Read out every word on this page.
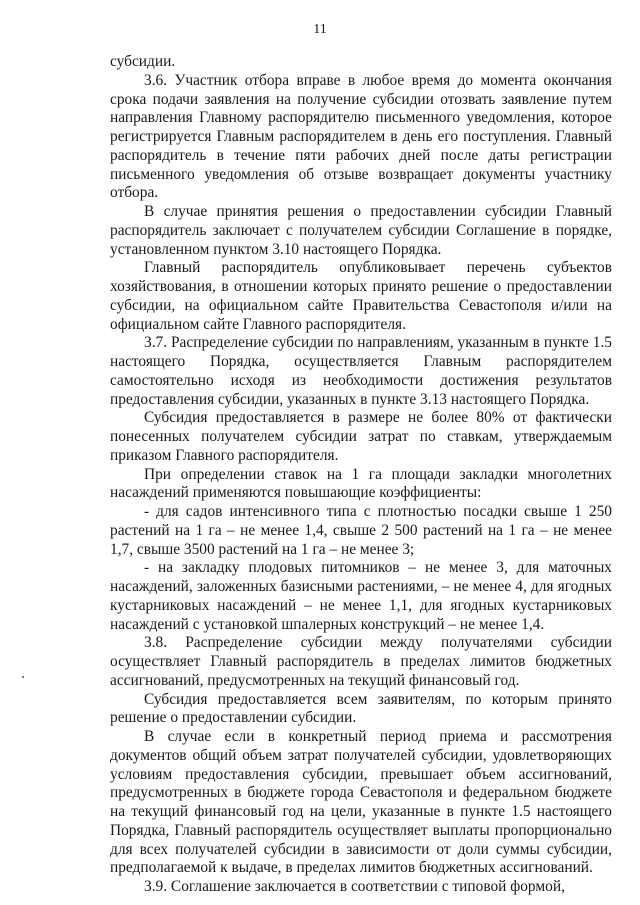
11

субсидии.

3.6. Участник отбора вправе в любое время до момента окончания срока подачи заявления на получение субсидии отозвать заявление путем направления Главному распорядителю письменного уведомления, которое регистрируется Главным распорядителем в день его поступления. Главный распорядитель в течение пяти рабочих дней после даты регистрации письменного уведомления об отзыве возвращает документы участнику отбора.

В случае принятия решения о предоставлении субсидии Главный распорядитель заключает с получателем субсидии Соглашение в порядке, установленном пунктом 3.10 настоящего Порядка.

Главный распорядитель опубликовывает перечень субъектов хозяйствования, в отношении которых принято решение о предоставлении субсидии, на официальном сайте Правительства Севастополя и/или на официальном сайте Главного распорядителя.

3.7. Распределение субсидии по направлениям, указанным в пункте 1.5 настоящего Порядка, осуществляется Главным распорядителем самостоятельно исходя из необходимости достижения результатов предоставления субсидии, указанных в пункте 3.13 настоящего Порядка.

Субсидия предоставляется в размере не более 80% от фактически понесенных получателем субсидии затрат по ставкам, утверждаемым приказом Главного распорядителя.

При определении ставок на 1 га площади закладки многолетних насаждений применяются повышающие коэффициенты:

- для садов интенсивного типа с плотностью посадки свыше 1 250 растений на 1 га – не менее 1,4, свыше 2 500 растений на 1 га – не менее 1,7, свыше 3500 растений на 1 га – не менее 3;

- на закладку плодовых питомников – не менее 3, для маточных насаждений, заложенных базисными растениями, – не менее 4, для ягодных кустарниковых насаждений – не менее 1,1, для ягодных кустарниковых насаждений с установкой шпалерных конструкций – не менее 1,4.

3.8. Распределение субсидии между получателями субсидии осуществляет Главный распорядитель в пределах лимитов бюджетных ассигнований, предусмотренных на текущий финансовый год.

Субсидия предоставляется всем заявителям, по которым принято решение о предоставлении субсидии.

В случае если в конкретный период приема и рассмотрения документов общий объем затрат получателей субсидии, удовлетворяющих условиям предоставления субсидии, превышает объем ассигнований, предусмотренных в бюджете города Севастополя и федеральном бюджете на текущий финансовый год на цели, указанные в пункте 1.5 настоящего Порядка, Главный распорядитель осуществляет выплаты пропорционально для всех получателей субсидии в зависимости от доли суммы субсидии, предполагаемой к выдаче, в пределах лимитов бюджетных ассигнований.

3.9. Соглашение заключается в соответствии с типовой формой,
